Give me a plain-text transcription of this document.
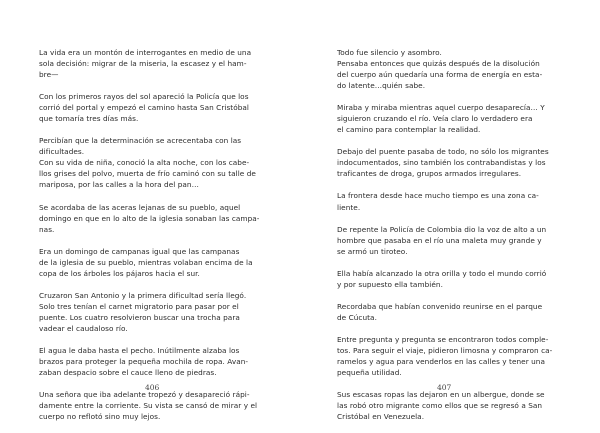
La vida era un montón de interrogantes en medio de una
sola decisión: migrar de la miseria, la escasez y el ham-
bre—
Con los primeros rayos del sol apareció la Policía que los
corrió del portal y empezó el camino hasta San Cristóbal
que tomaría tres días más.
Percibían que la determinación se acrecentaba con las
dificultades.
Con su vida de niña, conoció la alta noche, con los cabe-
llos grises del polvo, muerta de frío caminó con su talle de
mariposa, por las calles a la hora del pan…
Se acordaba de las aceras lejanas de su pueblo, aquel
domingo en que en lo alto de la iglesia sonaban las campa-
nas.
Era un domingo de campanas igual que las campanas
de la iglesia de su pueblo, mientras volaban encima de la
copa de los árboles los pájaros hacia el sur.
Cruzaron San Antonio y la primera dificultad sería llegó.
Solo tres tenían el carnet migratorio para pasar por el
puente. Los cuatro resolvieron buscar una trocha para
vadear el caudaloso río.
El agua le daba hasta el pecho. Inútilmente alzaba los
brazos para proteger la pequeña mochila de ropa. Avan-
zaban despacio sobre el cauce lleno de piedras.
Una señora que iba adelante tropezó y desapareció rápi-
damente entre la corriente. Su vista se cansó de mirar y el
cuerpo no reflotó sino muy lejos.
406
Todo fue silencio y asombro.
Pensaba entonces que quizás después de la disolución
del cuerpo aún quedaría una forma de energía en esta-
do latente…quién sabe.
Miraba y miraba mientras aquel cuerpo desaparecía… Y
siguieron cruzando el río. Veía claro lo verdadero era
el camino para contemplar la realidad.
Debajo del puente pasaba de todo, no sólo los migrantes
indocumentados, sino también los contrabandistas y los
traficantes de droga, grupos armados irregulares.
La frontera desde hace mucho tiempo es una zona ca-
liente.
De repente la Policía de Colombia dio la voz de alto a un
hombre que pasaba en el río una maleta muy grande y
se armó un tiroteo.
Ella había alcanzado la otra orilla y todo el mundo corrió
y por supuesto ella también.
Recordaba que habían convenido reunirse en el parque
de Cúcuta.
Entre pregunta y pregunta se encontraron todos comple-
tos. Para seguir el viaje, pidieron limosna y compraron ca-
ramelos y agua para venderlos en las calles y tener una
pequeña utilidad.
Sus escasas ropas las dejaron en un albergue, donde se
las robó otro migrante como ellos que se regresó a San
Cristóbal en Venezuela.
407
